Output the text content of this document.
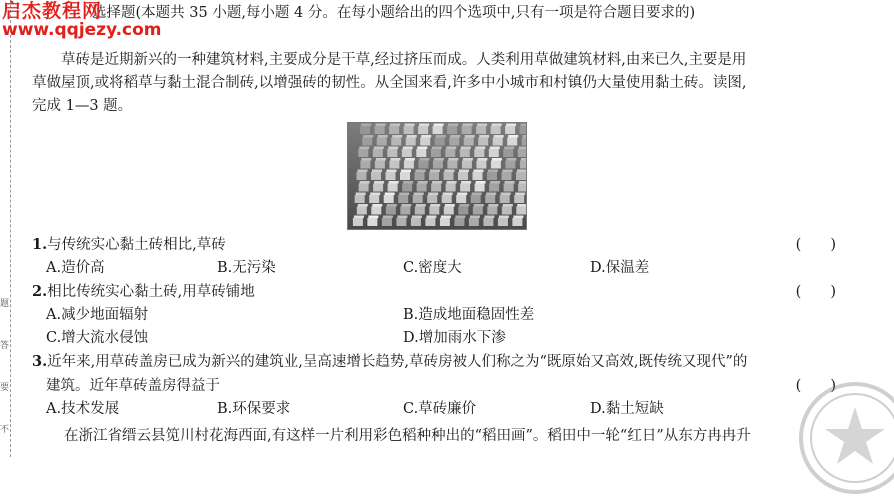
题
答
要
不
启杰教程网
www.qqjezy.com
选择题(本题共 35 小题,每小题 4 分。在每小题给出的四个选项中,只有一项是符合题目要求的)
草砖是近期新兴的一种建筑材料,主要成分是干草,经过挤压而成。人类利用草做建筑材料,由来已久,主要是用
草做屋顶,或将稻草与黏土混合制砖,以增强砖的韧性。从全国来看,许多中小城市和村镇仍大量使用黏土砖。读图,
完成 1—3 题。
1.与传统实心黏土砖相比,草砖	(　　)
A.造价高	B.无污染	C.密度大	D.保温差
2.相比传统实心黏土砖,用草砖铺地	(　　)
A.减少地面辐射	B.造成地面稳固性差
C.增大流水侵蚀	D.增加雨水下渗
3.近年来,用草砖盖房已成为新兴的建筑业,呈高速增长趋势,草砖房被人们称之为“既原始又高效,既传统又现代”的
建筑。近年草砖盖房得益于	(　　)
A.技术发展	B.环保要求	C.草砖廉价	D.黏土短缺
在浙江省缙云县笕川村花海西面,有这样一片利用彩色稻种种出的“稻田画”。稻田中一轮“红日”从东方冉冉升
